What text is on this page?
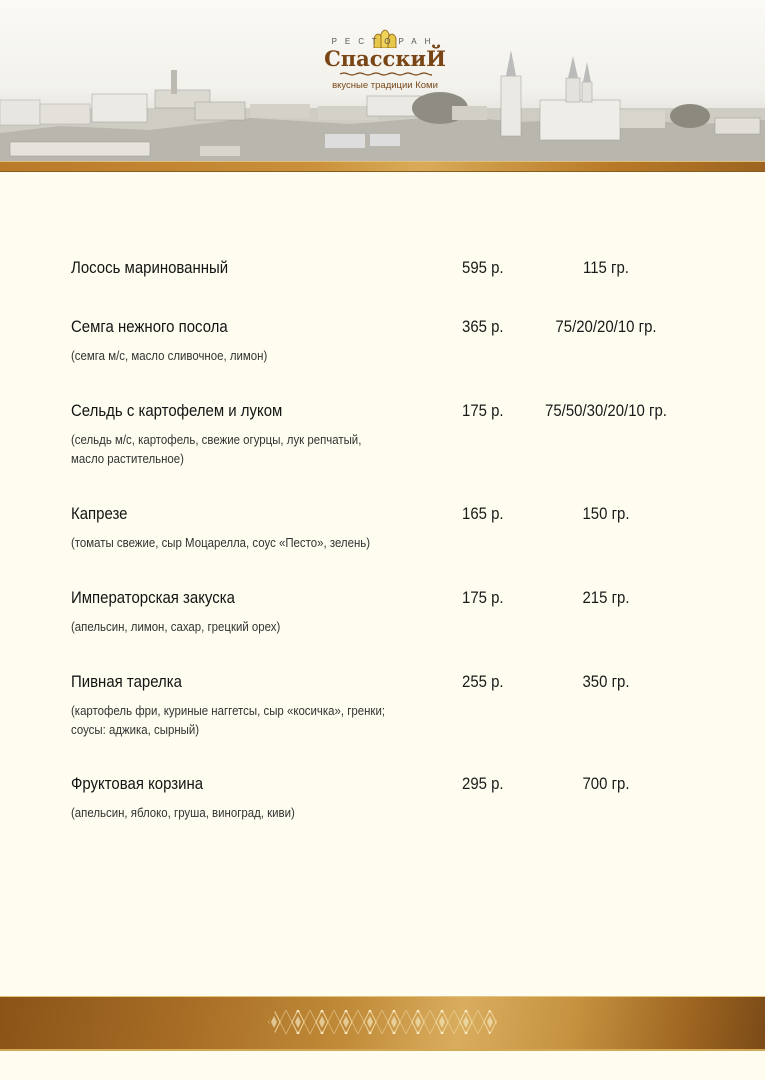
РЕСТОРАН
СпасскиЙ
вкусные традиции Коми
Лосось маринованный	595 р.	115 гр.
Семга нежного посола	365 р.	75/20/20/10 гр.
(семга м/с, масло сливочное, лимон)
Сельдь с картофелем и луком	175 р. 75/50/30/20/10 гр.
(сельдь м/с, картофель, свежие огурцы, лук репчатый,
масло растительное)
Капрезе	165 р.	150 гр.
(томаты свежие, сыр Моцарелла, соус «Песто», зелень)
Императорская закуска	175 р.	215 гр.
(апельсин, лимон, сахар, грецкий орех)
Пивная тарелка	255 р.	350 гр.
(картофель фри, куриные наггетсы, сыр «косичка», гренки;
соусы: аджика, сырный)
Фруктовая корзина	295 р.	700 гр.
(апельсин, яблоко, груша, виноград, киви)
